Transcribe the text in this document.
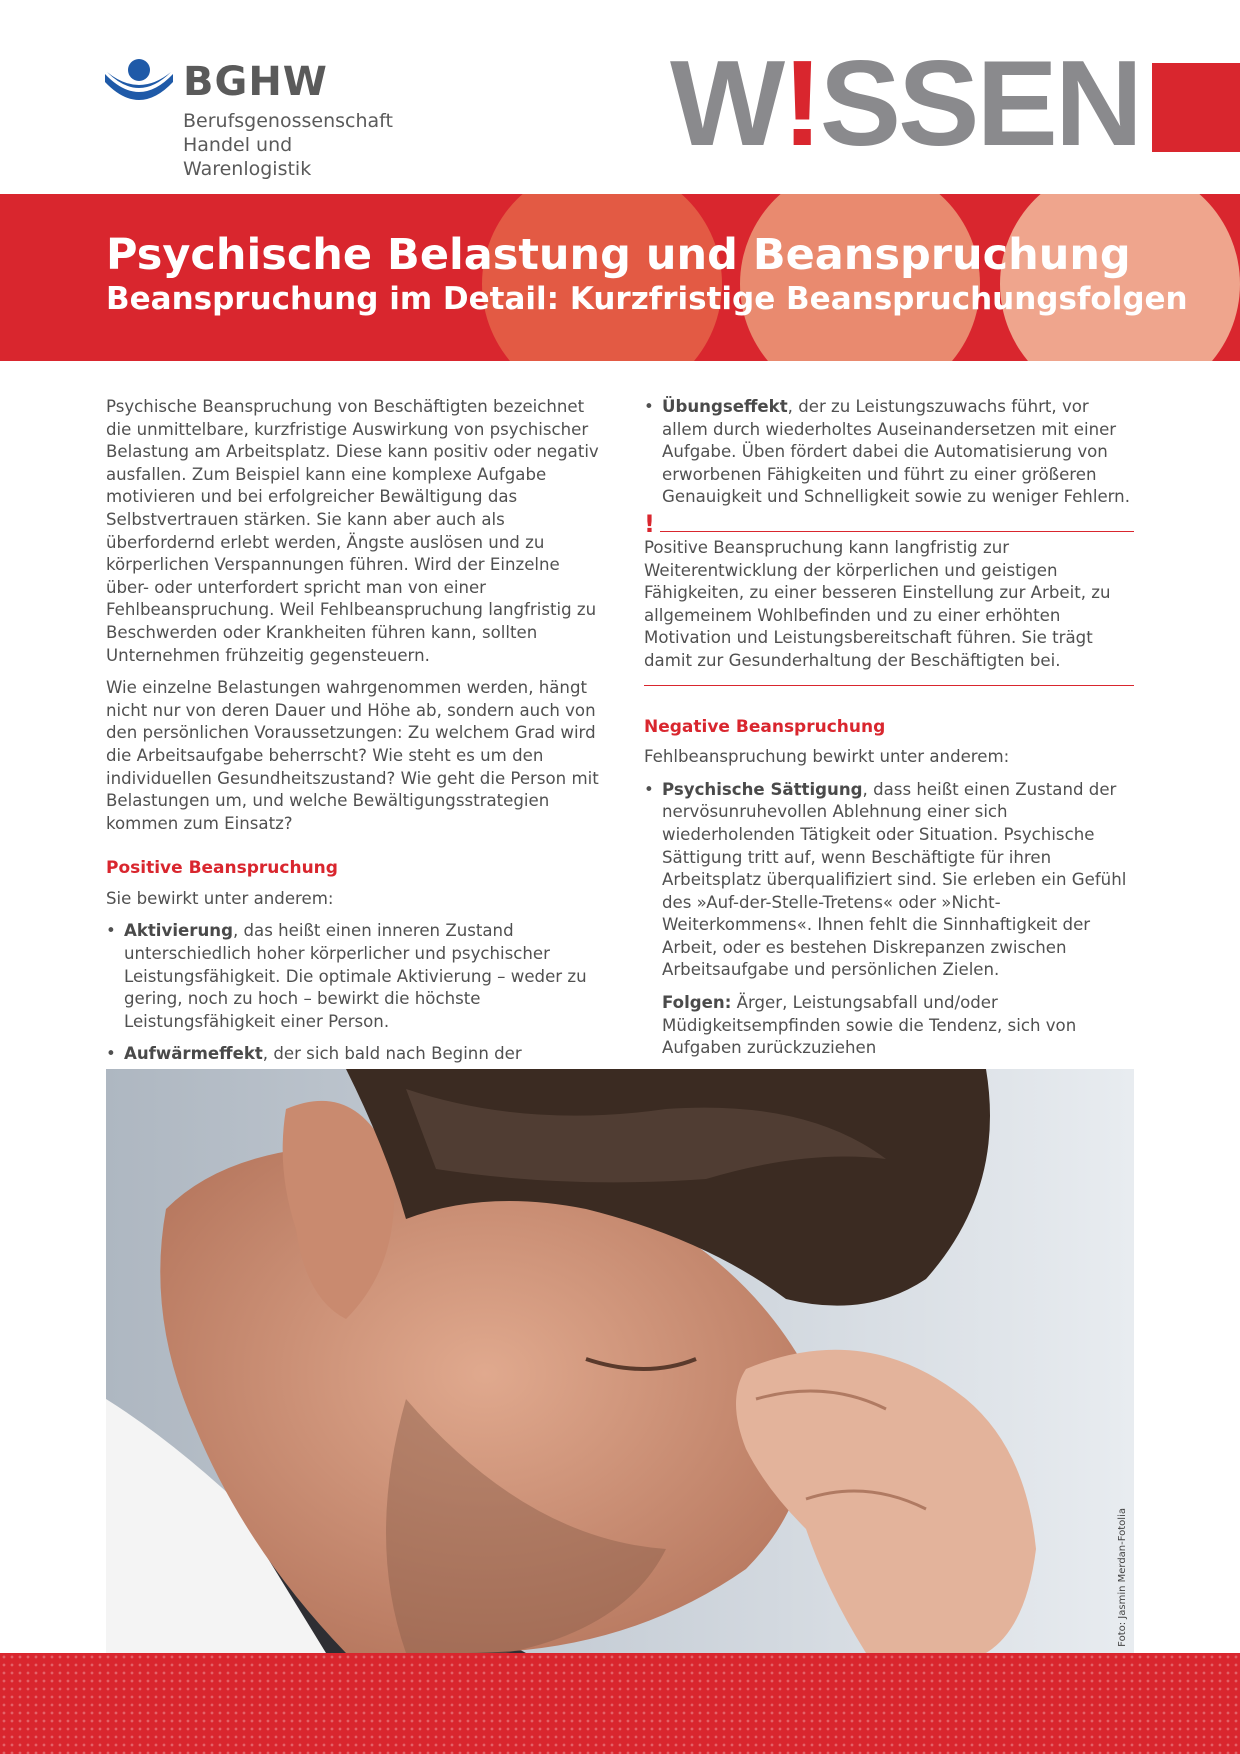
BGHW
Berufsgenossenschaft
Handel und Warenlogistik	W!SSEN
Psychische Belastung und Beanspruchung
Beanspruchung im Detail: Kurzfristige Beanspruchungsfolgen

Psychische Beanspruchung von Beschäftigten bezeichnet die unmittelbare, kurzfristige Auswirkung von psychischer Belastung am Arbeitsplatz. Diese kann positiv oder negativ ausfallen. Zum Beispiel kann eine komplexe Aufgabe motivieren und bei erfolgreicher Bewältigung das Selbstvertrauen stärken. Sie kann aber auch als überfordernd erlebt werden, Ängste auslösen und zu körperlichen Verspannungen führen. Wird der Einzelne über- oder unterfordert spricht man von einer Fehlbeanspruchung. Weil Fehlbeanspruchung langfristig zu Beschwerden oder Krankheiten führen kann, sollten Unternehmen frühzeitig gegensteuern.

Wie einzelne Belastungen wahrgenommen werden, hängt nicht nur von deren Dauer und Höhe ab, sondern auch von den persönlichen Voraussetzungen: Zu welchem Grad wird die Arbeitsaufgabe beherrscht? Wie steht es um den individuellen Gesundheitszustand? Wie geht die Person mit Belastungen um, und welche Bewältigungsstrategien kommen zum Einsatz?

Positive Beanspruchung

Sie bewirkt unter anderem:

• Aktivierung, das heißt einen inneren Zustand unterschiedlich hoher körperlicher und psychischer Leistungsfähigkeit. Die optimale Aktivierung – weder zu gering, noch zu hoch – bewirkt die höchste Leistungsfähigkeit einer Person.
• Aufwärmeffekt, der sich bald nach Beginn der
• Übungseffekt, der zu Leistungszuwachs führt, vor allem durch wiederholtes Auseinandersetzen mit einer Aufgabe. Üben fördert dabei die Automatisierung von erworbenen Fähigkeiten und führt zu einer größeren Genauigkeit und Schnelligkeit sowie zu weniger Fehlern.
!

Positive Beanspruchung kann langfristig zur Weiterentwicklung der körperlichen und geistigen Fähigkeiten, zu einer besseren Einstellung zur Arbeit, zu allgemeinem Wohlbefinden und zu einer erhöhten Motivation und Leistungsbereitschaft führen. Sie trägt damit zur Gesunderhaltung der Beschäftigten bei.

Negative Beanspruchung

Fehlbeanspruchung bewirkt unter anderem:

• Psychische Sättigung, dass heißt einen Zustand der nervösunruhevollen Ablehnung einer sich wiederholenden Tätigkeit oder Situation. Psychische Sättigung tritt auf, wenn Beschäftigte für ihren Arbeitsplatz überqualifiziert sind. Sie erleben ein Gefühl des »Auf-der-Stelle-Tretens« oder »Nicht-Weiterkommens«. Ihnen fehlt die Sinnhaftigkeit der Arbeit, oder es bestehen Diskrepanzen zwischen Arbeitsaufgabe und persönlichen Zielen.

Folgen: Ärger, Leistungsabfall und/oder Müdigkeitsempfinden sowie die Tendenz, sich von Aufgaben zurückzuziehen

Foto: Jasmin Merdan-Fotolia
